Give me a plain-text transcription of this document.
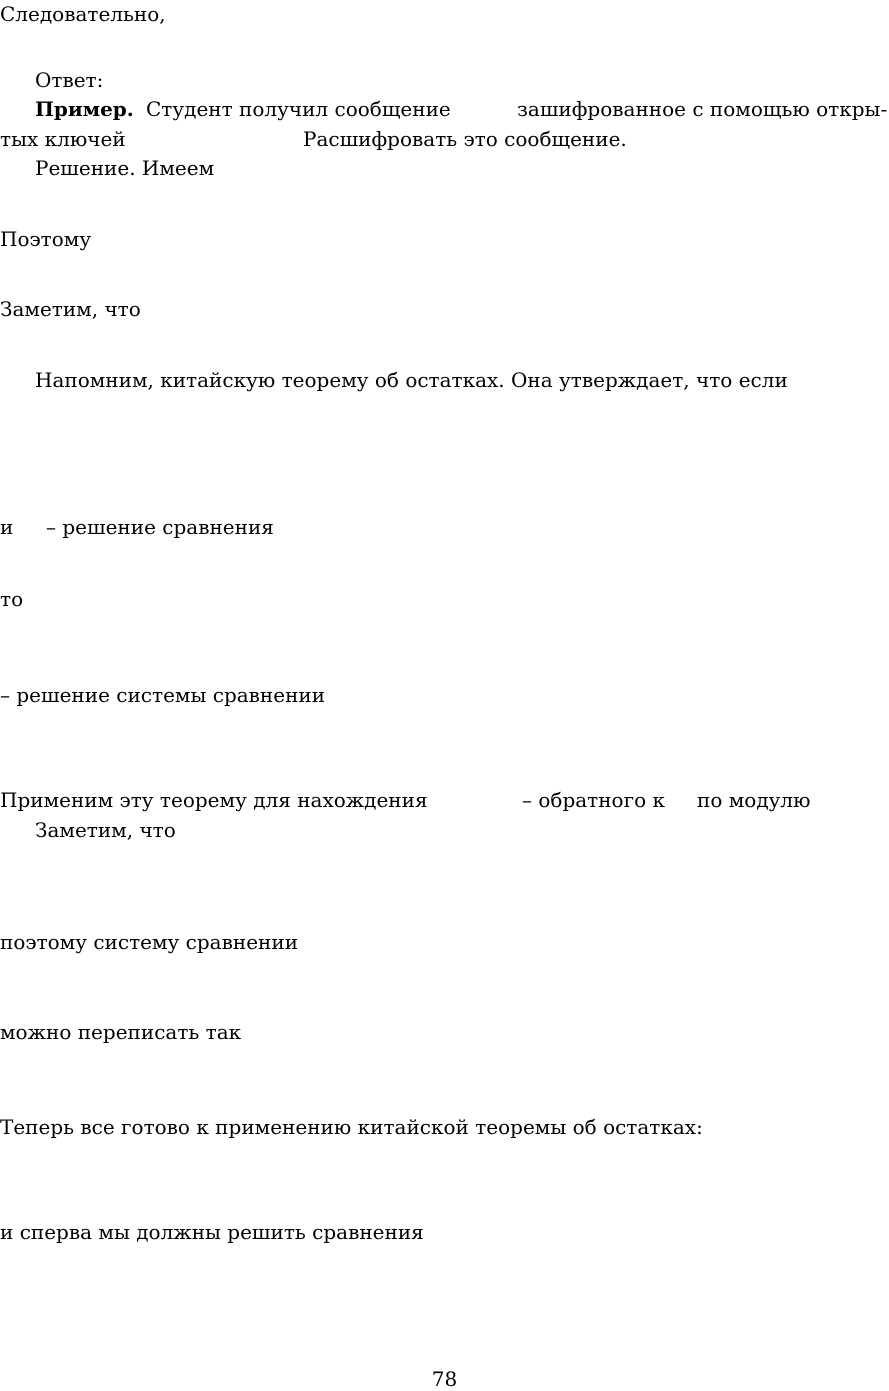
Следовательно,
Ответ:
Пример. Студент получил сообщение	зашифрованное с помощью откры-
тых ключей	Расшифровать это сообщение.
Решение. Имеем
Поэтому
Заметим, что
Напомним, китайскую теорему об остатках. Она утверждает, что если
и – решение сравнения
то
– решение системы сравнении
Применим эту теорему для нахождения	– обратного к по модулю
Заметим, что
поэтому систему сравнении
можно переписать так
Теперь все готово к применению китайской теоремы об остатках:
и сперва мы должны решить сравнения
78
